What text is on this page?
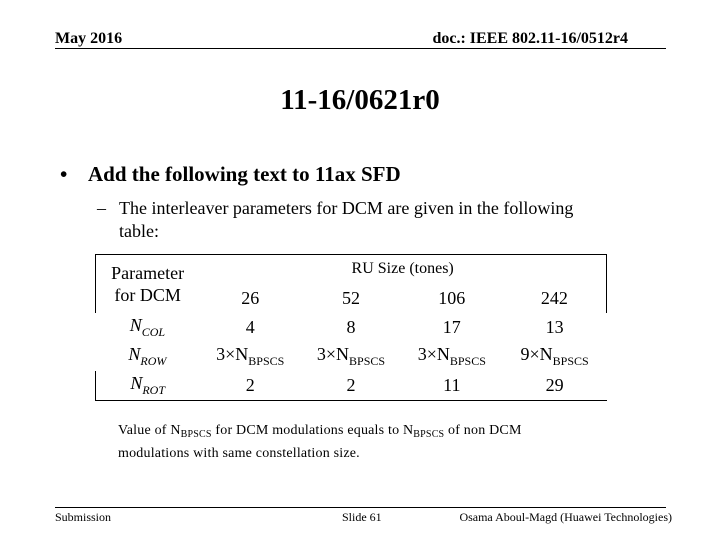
May 2016	doc.: IEEE 802.11-16/0512r4
11-16/0621r0
• Add the following text to 11ax SFD
– The interleaver parameters for DCM are given in the following
table:
Parameter
for DCM	RU Size (tones)			
	26	52	106	242
$N_{COL}$	4	8	17	13
$N_{ROW}$	$3\times N_{BPSCS}$	$3\times N_{BPSCS}$	$3\times N_{BPSCS}$	$9\times N_{BPSCS}$
$N_{ROT}$	2	2	11	29
Value of $N_{BPSCS}$ for DCM modulations equals to $N_{BPSCS}$ of non DCM modulations with same constellation size.
Submission	Slide 61	Osama Aboul-Magd (Huawei Technologies)
